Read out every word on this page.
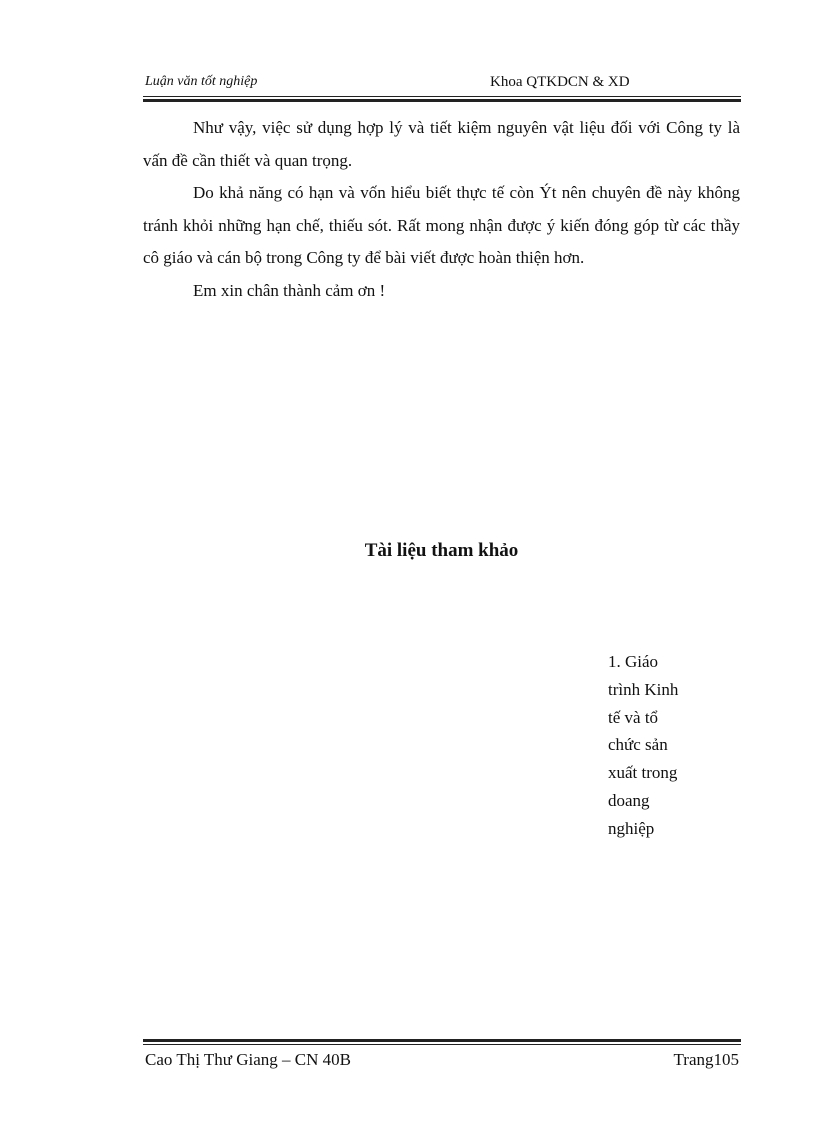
Luận văn tốt nghiệp	Khoa QTKDCN & XD

Như vậy, việc sử dụng hợp lý và tiết kiệm nguyên vật liệu đối với Công ty là vấn đề cần thiết và quan trọng.

Do khả năng có hạn và vốn hiểu biết thực tế còn Ýt nên chuyên đề này không tránh khỏi những hạn chế, thiếu sót. Rất mong nhận được ý kiến đóng góp từ các thầy cô giáo và cán bộ trong Công ty để bài viết được hoàn thiện hơn.

Em xin chân thành cảm ơn !

Tài liệu tham khảo
1. Giáo
trình Kinh
tế và tổ
chức sản
xuất trong
doang
nghiệp
Cao Thị Thư Giang – CN 40B	Trang105
